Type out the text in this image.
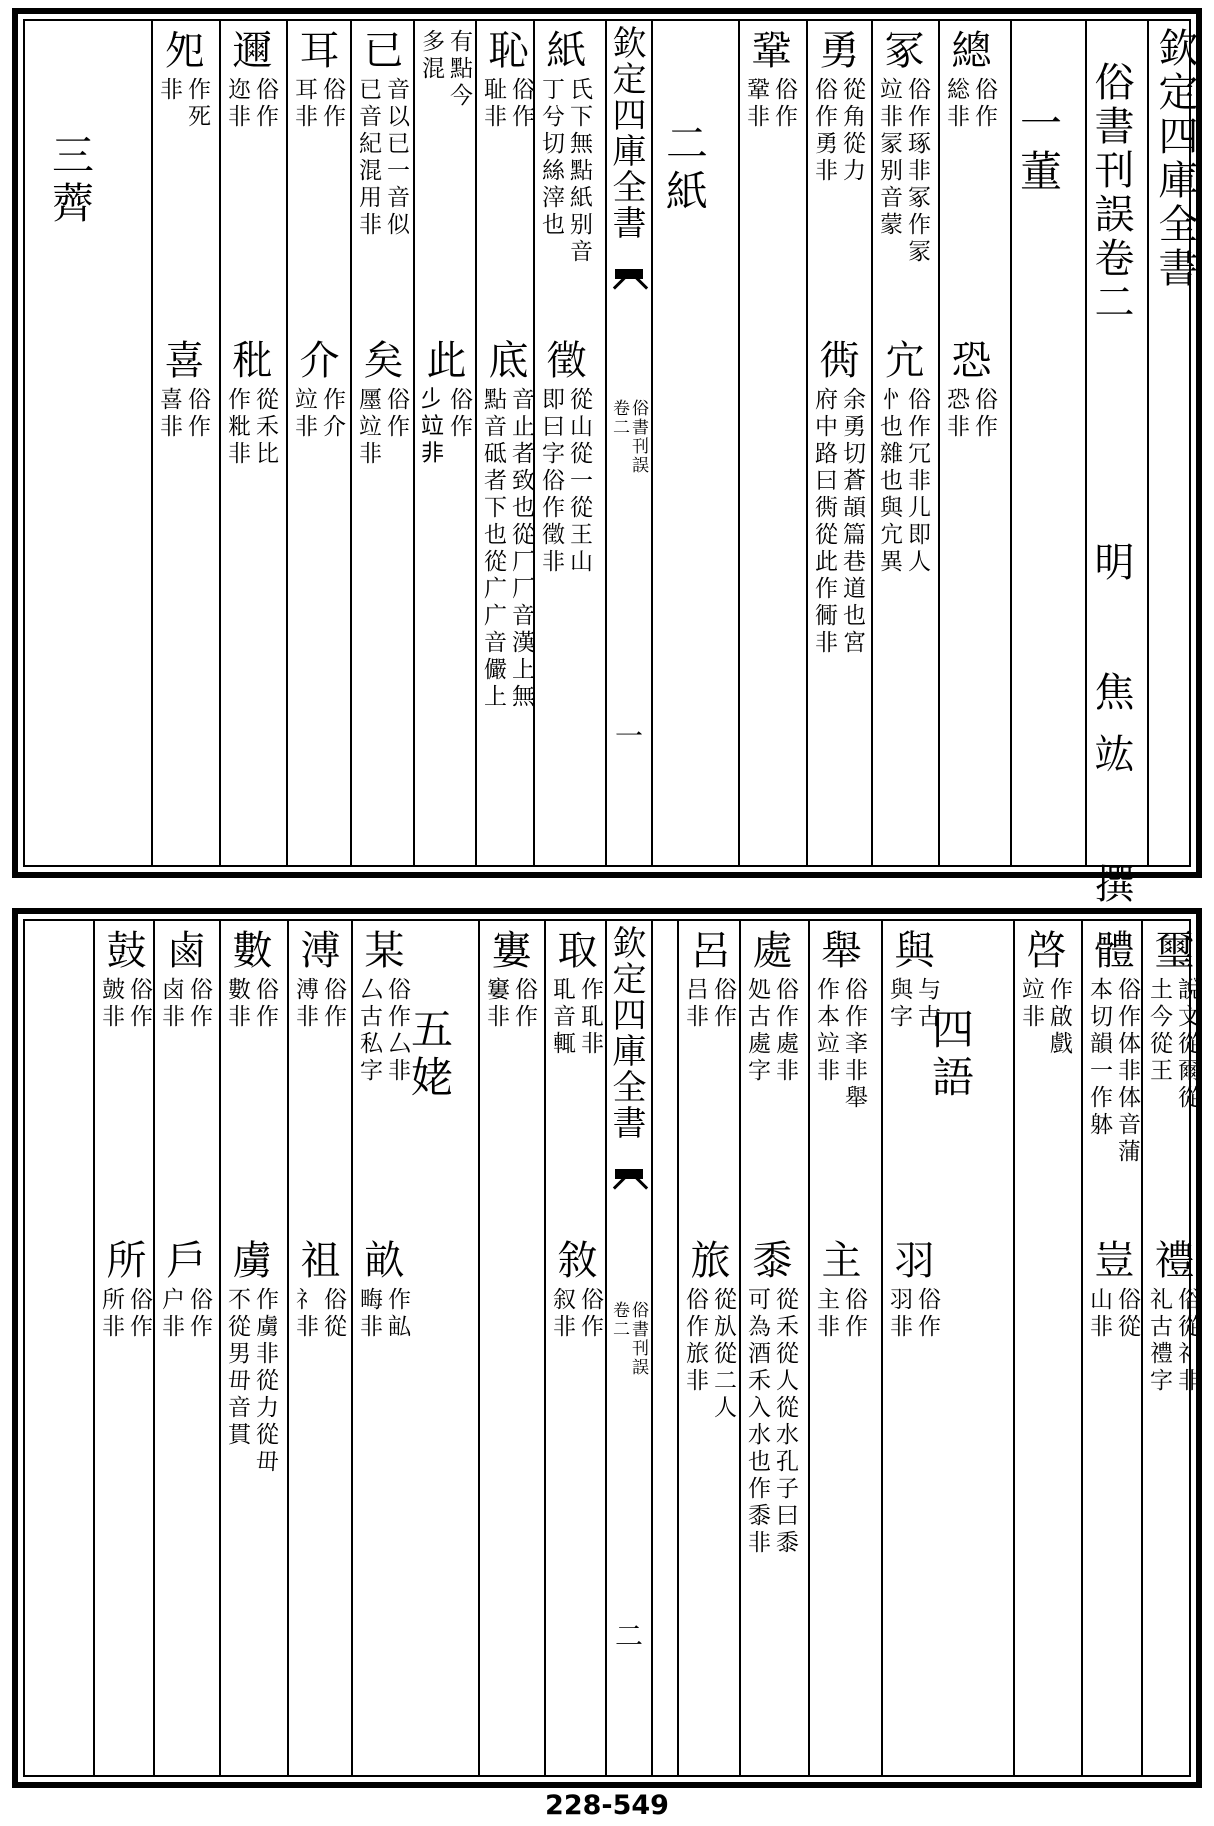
欽定四庫全書
俗書刊誤卷二
一董
明 焦竑 撰
欽定四庫全書
俗書刊誤
卷二
一
二紙
三薺
總
俗作
総非
恐
俗作
恐非
冢
俗作琢非冢作冡
竝非冡别音蒙
宂
俗作冗非儿即人
㣺也雜也與宂異
勇
從角從力
俗作勇非
衖
余勇切蒼頡篇巷道也宮
府中路曰衖從此作衕非
鞏
俗作
鞏非
紙
氏下無點紙别音
丁兮切絲滓也
徵
從山從一從王山
即曰字俗作徵非
恥
俗作
耻非
底
音止者致也從厂厂音漢上無
點音砥者下也從广广音儼上
有點今
多混
此
俗作
𣥂竝非
已
音以已一音似
已音紀混用非
矣
俗作
㕓竝非
耳
俗作
耳非
介
作介
竝非
邇
俗作
迩非
秕
從禾比
作粃非
夗
作死
非
喜
俗作
喜非
欽定四庫全書
俗書刊誤
卷二
二
四語
五姥
璽
說文從爾從
土今從王
禮
俗從礻非
礼古禮字
體
俗作体非体音蒲
本切韻一作躰
豈
俗從
山非
啓
作啟戲
竝非
與
与古
與字
羽
俗作
羽非
舉
俗作㪯非舉
作本竝非
主
俗作
主非
處
俗作處非
処古處字
黍
從禾從人從水孔子曰黍
可為酒禾入水也作黍非
呂
俗作
吕非
旅
從㫃從二人
俗作旅非
取
作耴非
耴音輒
敘
俗作
叙非
寠
俗作
窶非
某
俗作厶非
厶古私字
畝
作畆
畮非
溥
俗作
溥非
祖
俗從
礻非
數
俗作
數非
虜
作虜非從力從毌
不從男毌音貫
鹵
俗作
卤非
戶
俗作
户非
鼓
俗作
皷非
所
俗作
所非
228-549
